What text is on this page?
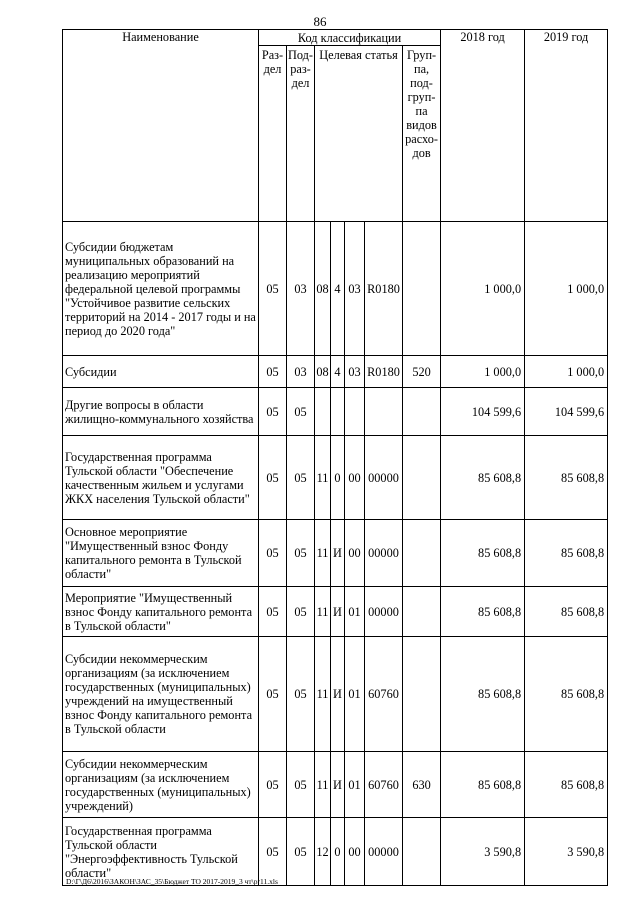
86
Наименование	Код классификации							2018 год	2019 год
	Раз- дел	Под- раз- дел	Целевая статья				Груп- па, под- груп- па видов расхо- дов		
Субсидии бюджетам муниципальных образований на реализацию мероприятий федеральной целевой программы "Устойчивое развитие сельских территорий на 2014 - 2017 годы и на период до 2020 года"	05	03	08	4	03	R0180		1 000,0	1 000,0
Субсидии	05	03	08	4	03	R0180	520	1 000,0	1 000,0
Другие вопросы в области жилищно-коммунального хозяйства	05	05						104 599,6	104 599,6
Государственная программа Тульской области "Обеспечение качественным жильем и услугами ЖКХ населения Тульской области"	05	05	11	0	00	00000		85 608,8	85 608,8
Основное мероприятие "Имущественный взнос Фонду капитального ремонта в Тульской области"	05	05	11	И	00	00000		85 608,8	85 608,8
Мероприятие "Имущественный взнос Фонду капитального ремонта в Тульской области"	05	05	11	И	01	00000		85 608,8	85 608,8
Субсидии некоммерческим организациям (за исключением государственных (муниципальных) учреждений на имущественный взнос Фонду капитального ремонта в Тульской области	05	05	11	И	01	60760		85 608,8	85 608,8
Субсидии некоммерческим организациям (за исключением государственных (муниципальных) учреждений)	05	05	11	И	01	60760	630	85 608,8	85 608,8
Государственная программа Тульской области "Энергоэффективность Тульской области"	05	05	12	0	00	00000		3 590,8	3 590,8
D:\Г\Д6\2016\ЗАКОН\ЗАС_35\Бюджет ТО 2017-2019_3 чт\pr11.xls
